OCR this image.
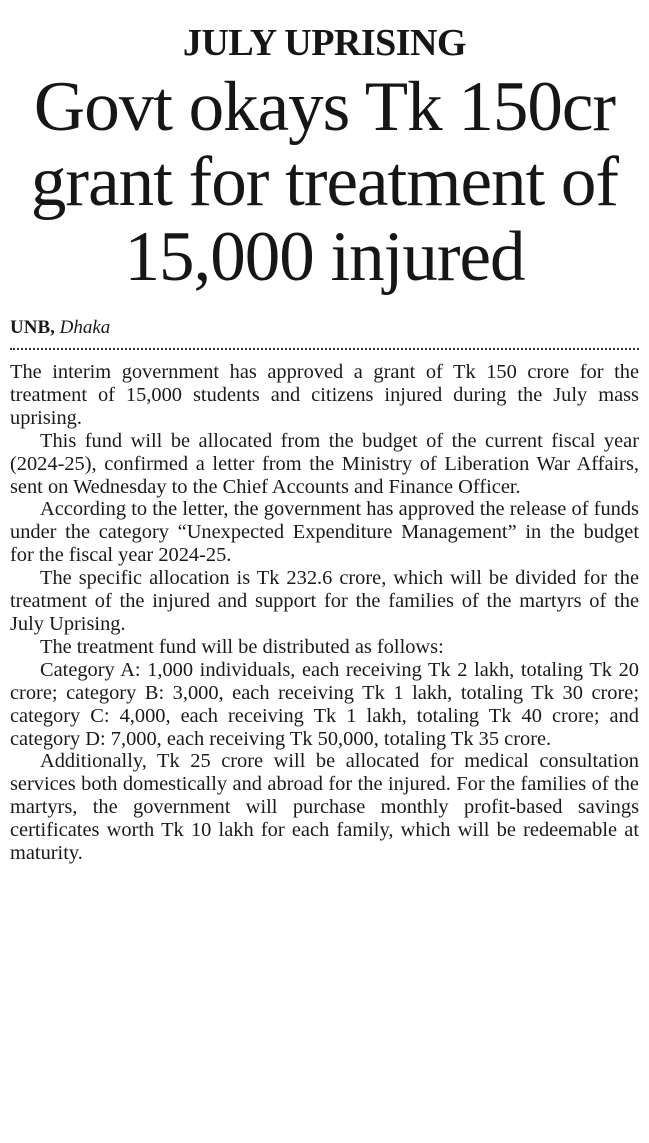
JULY UPRISING
Govt okays Tk 150cr grant for treatment of 15,000 injured
UNB, Dhaka

The interim government has approved a grant of Tk 150 crore for the treatment of 15,000 students and citizens injured during the July mass uprising.

This fund will be allocated from the budget of the current fiscal year (2024-25), confirmed a letter from the Ministry of Liberation War Affairs, sent on Wednesday to the Chief Accounts and Finance Officer.

According to the letter, the government has approved the release of funds under the category “Unexpected Expenditure Management” in the budget for the fiscal year 2024-25.

The specific allocation is Tk 232.6 crore, which will be divided for the treatment of the injured and support for the families of the martyrs of the July Uprising.

The treatment fund will be distributed as follows:

Category A: 1,000 individuals, each receiving Tk 2 lakh, totaling Tk 20 crore; category B: 3,000, each receiving Tk 1 lakh, totaling Tk 30 crore; category C: 4,000, each receiving Tk 1 lakh, totaling Tk 40 crore; and category D: 7,000, each receiving Tk 50,000, totaling Tk 35 crore.

Additionally, Tk 25 crore will be allocated for medical consultation services both domestically and abroad for the injured. For the families of the martyrs, the government will purchase monthly profit-based savings certificates worth Tk 10 lakh for each family, which will be redeemable at maturity.
